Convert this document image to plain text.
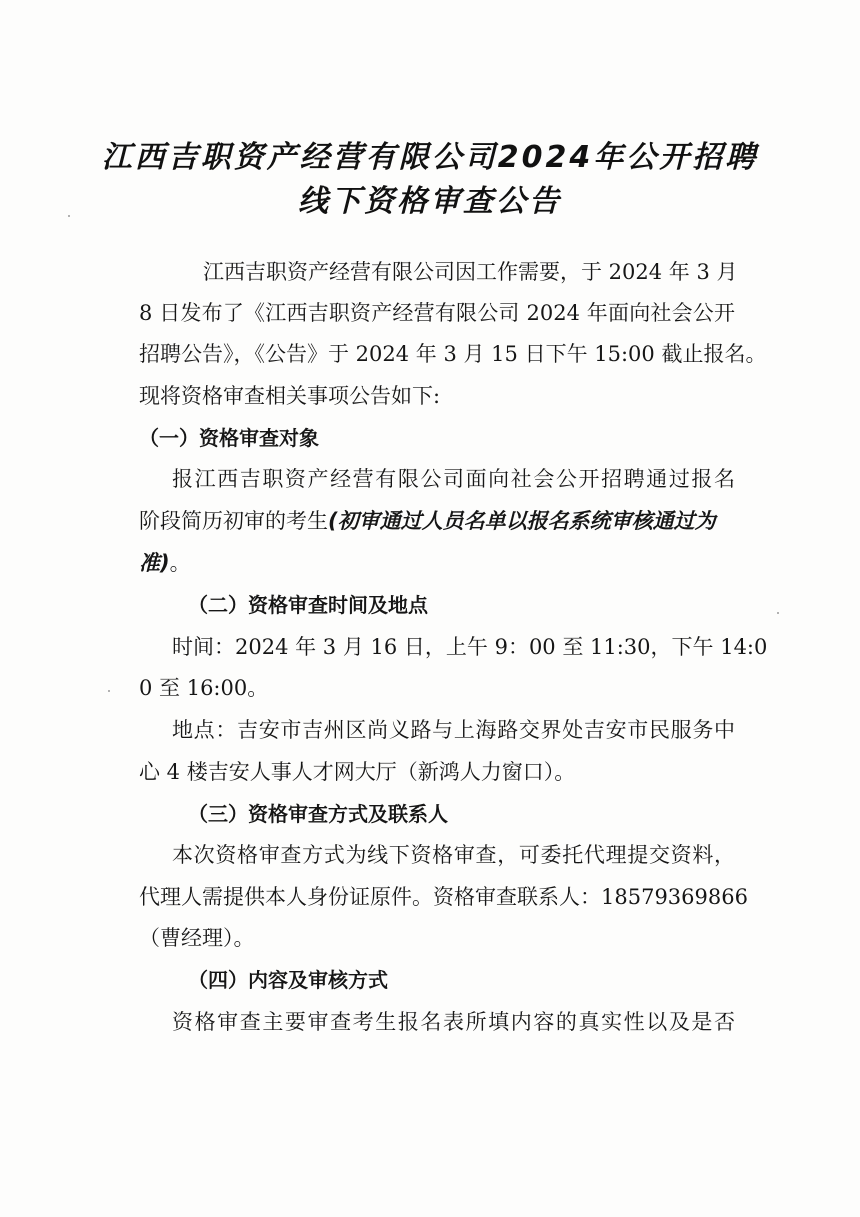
江西吉职资产经营有限公司2024年公开招聘
线下资格审查公告

江西吉职资产经营有限公司因工作需要，于 2024 年 3 月

8 日发布了《江西吉职资产经营有限公司 2024 年面向社会公开

招聘公告》，《公告》于 2024 年 3 月 15 日下午 15:00 截止报名。

现将资格审查相关事项公告如下:

（一）资格审查对象

报江西吉职资产经营有限公司面向社会公开招聘通过报名

阶段简历初审的考生(初审通过人员名单以报名系统审核通过为

准)。

（二）资格审查时间及地点

时间：2024 年 3 月 16 日，上午 9：00 至 11:30，下午 14:0

0 至 16:00。

地点：吉安市吉州区尚义路与上海路交界处吉安市民服务中

心 4 楼吉安人事人才网大厅（新鸿人力窗口）。

（三）资格审查方式及联系人

本次资格审查方式为线下资格审查，可委托代理提交资料，

代理人需提供本人身份证原件。资格审查联系人：18579369866

（曹经理）。

（四）内容及审核方式

资格审查主要审查考生报名表所填内容的真实性以及是否
